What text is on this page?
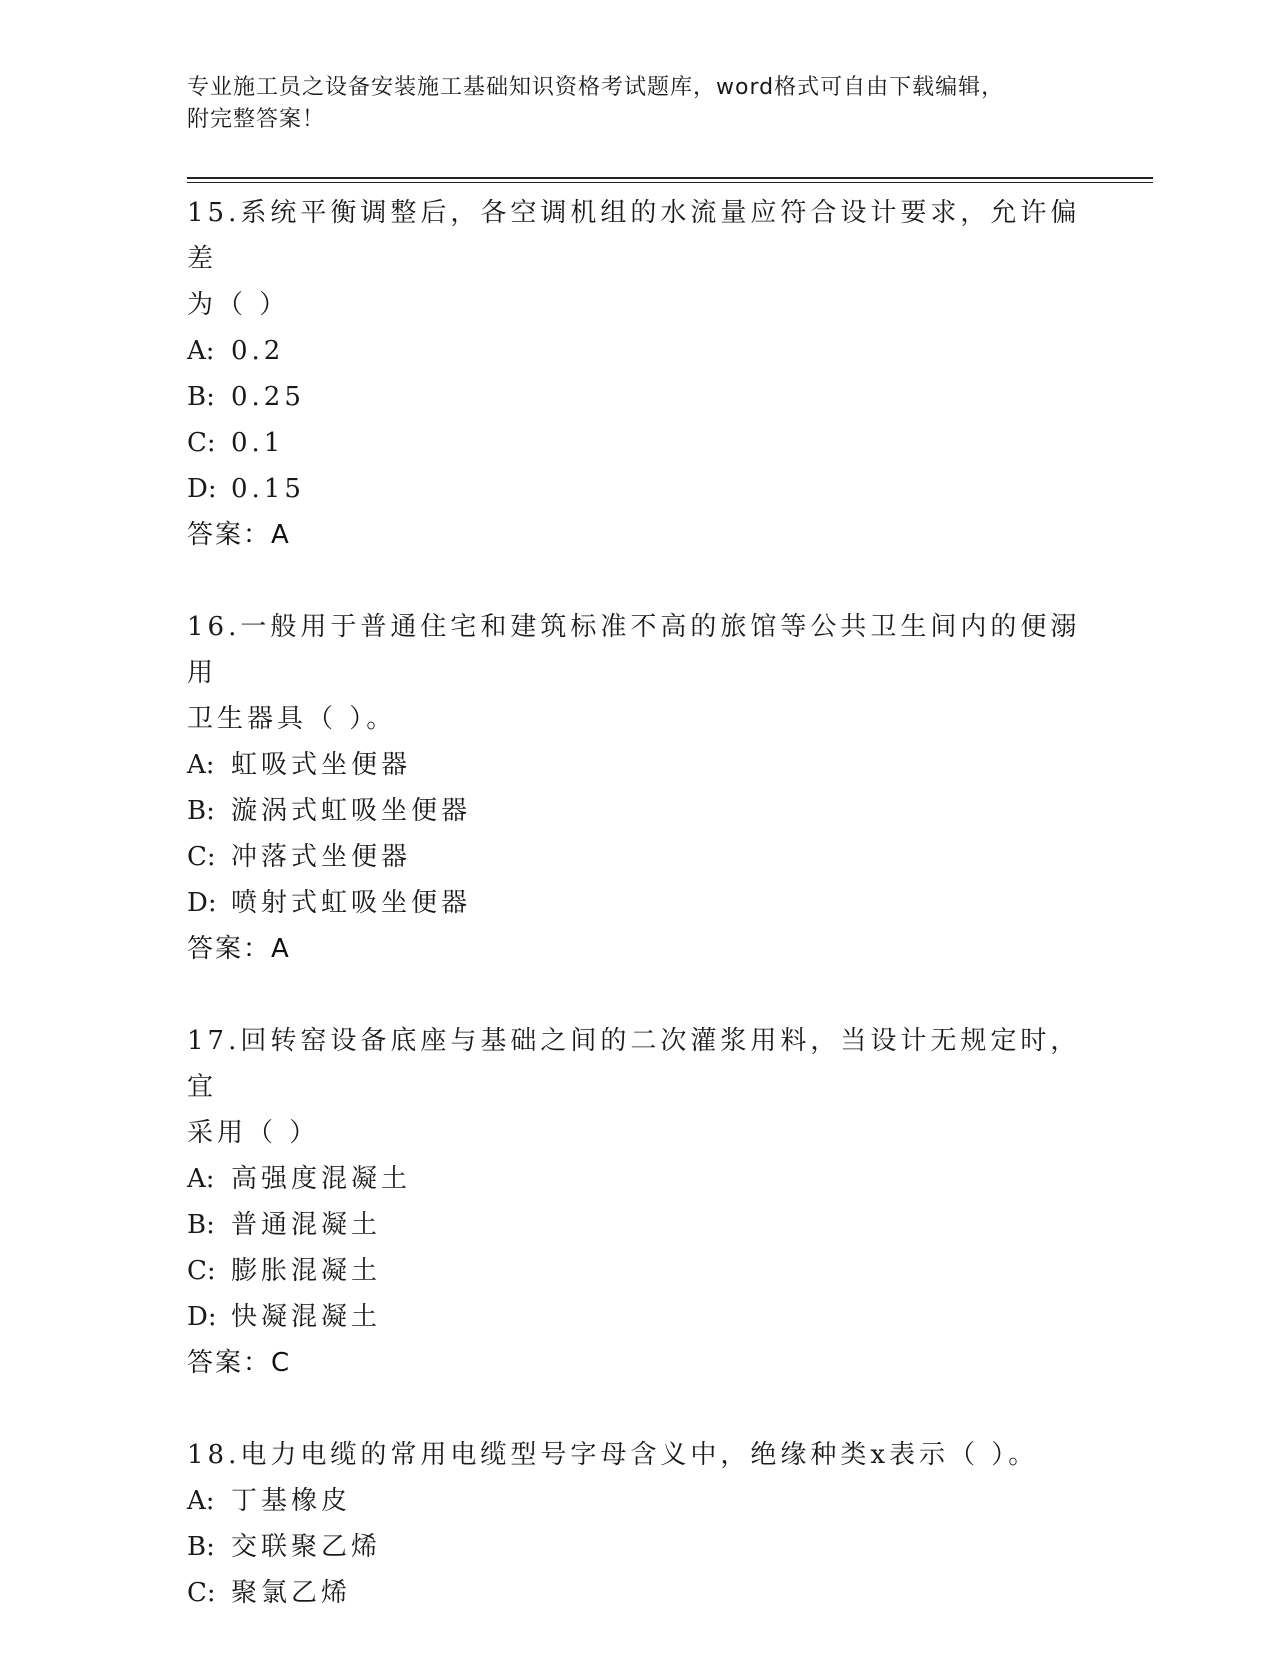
专业施工员之设备安装施工基础知识资格考试题库，word格式可自由下载编辑，
附完整答案！
15.系统平衡调整后，各空调机组的水流量应符合设计要求，允许偏差
为（ ）
A: 0.2
B: 0.25
C: 0.1
D: 0.15
答案：A
16.一般用于普通住宅和建筑标准不高的旅馆等公共卫生间内的便溺用
卫生器具（ ）。
A: 虹吸式坐便器
B: 漩涡式虹吸坐便器
C: 冲落式坐便器
D: 喷射式虹吸坐便器
答案：A
17.回转窑设备底座与基础之间的二次灌浆用料，当设计无规定时，宜
采用（ ）
A: 高强度混凝土
B: 普通混凝土
C: 膨胀混凝土
D: 快凝混凝土
答案：C
18.电力电缆的常用电缆型号字母含义中，绝缘种类x表示（ ）。
A: 丁基橡皮
B: 交联聚乙烯
C: 聚氯乙烯
